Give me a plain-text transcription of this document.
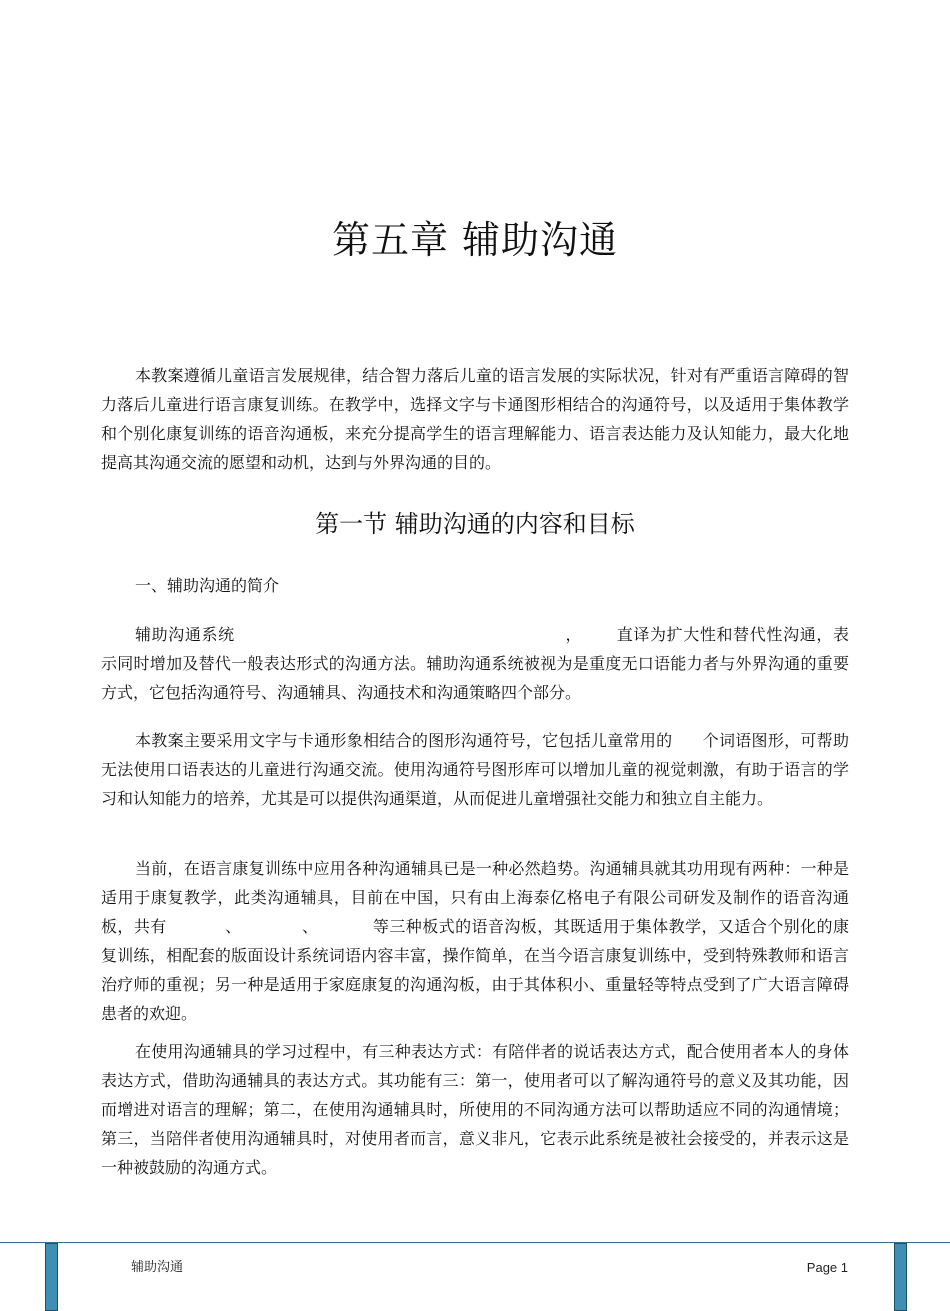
第五章 辅助沟通

本教案遵循儿童语言发展规律，结合智力落后儿童的语言发展的实际状况，针对有严重语言障碍的智力落后儿童进行语言康复训练。在教学中，选择文字与卡通图形相结合的沟通符号，以及适用于集体教学和个别化康复训练的语音沟通板，来充分提高学生的语言理解能力、语言表达能力及认知能力，最大化地提高其沟通交流的愿望和动机，达到与外界沟通的目的。

第一节 辅助沟通的内容和目标
一、辅助沟通的简介

辅助沟通系统	， 直译为扩大性和替代性沟通，表示同时增加及替代一般表达形式的沟通方法。辅助沟通系统被视为是重度无口语能力者与外界沟通的重要方式，它包括沟通符号、沟通辅具、沟通技术和沟通策略四个部分。

本教案主要采用文字与卡通形象相结合的图形沟通符号，它包括儿童常用的 个词语图形，可帮助无法使用口语表达的儿童进行沟通交流。使用沟通符号图形库可以增加儿童的视觉刺激，有助于语言的学习和认知能力的培养，尤其是可以提供沟通渠道，从而促进儿童增强社交能力和独立自主能力。

当前，在语言康复训练中应用各种沟通辅具已是一种必然趋势。沟通辅具就其功用现有两种：一种是适用于康复教学，此类沟通辅具，目前在中国，只有由上海泰亿格电子有限公司研发及制作的语音沟通板，共有	、	、	等三种板式的语音沟板，其既适用于集体教学，又适合个别化的康复训练，相配套的版面设计系统词语内容丰富，操作简单，在当今语言康复训练中，受到特殊教师和语言治疗师的重视；另一种是适用于家庭康复的沟通沟板，由于其体积小、重量轻等特点受到了广大语言障碍患者的欢迎。

在使用沟通辅具的学习过程中，有三种表达方式：有陪伴者的说话表达方式，配合使用者本人的身体表达方式，借助沟通辅具的表达方式。其功能有三：第一，使用者可以了解沟通符号的意义及其功能，因而增进对语言的理解；第二，在使用沟通辅具时，所使用的不同沟通方法可以帮助适应不同的沟通情境；第三，当陪伴者使用沟通辅具时，对使用者而言，意义非凡，它表示此系统是被社会接受的，并表示这是一种被鼓励的沟通方式。

辅助沟通	Page 1
